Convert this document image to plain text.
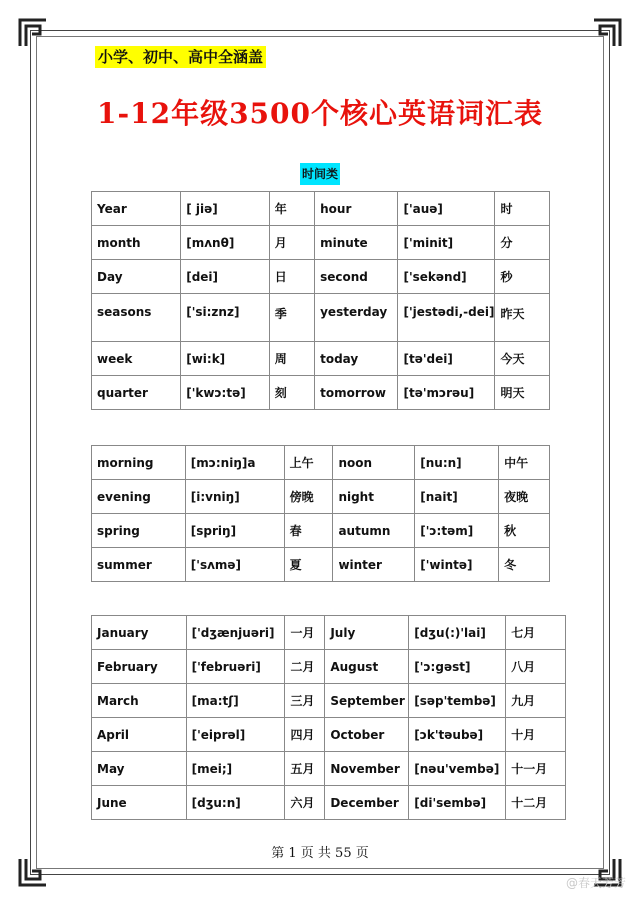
小学、初中、高中全涵盖
1-12年级3500个核心英语词汇表
时间类
Year	[ jiə]	年	hour	['auə]	时
month	[mʌnθ]	月	minute	['minit]	分
Day	[dei]	日	second	['sekənd]	秒
seasons	['si:znz]	季	yesterday	['jestədi,-dei]	昨天
week	[wi:k]	周	today	[tə'dei]	今天
quarter	['kwɔ:tə]	刻	tomorrow	[tə'mɔrəu]	明天
morning	[mɔ:niŋ]a	上午	noon	[nu:n]	中午
evening	[i:vniŋ]	傍晚	night	[nait]	夜晚
spring	[spriŋ]	春	autumn	['ɔ:təm]	秋
summer	['sʌmə]	夏	winter	['wintə]	冬
January	['dʒænjuəri]	一月	July	[dʒu(:)'lai]	七月
February	['februəri]	二月	August	['ɔ:gəst]	八月
March	[ma:tʃ]	三月	September	[səp'tembə]	九月
April	['eiprəl]	四月	October	[ɔk'təubə]	十月
May	[mei;]	五月	November	[nəu'vembə]	十一月
June	[dʒu:n]	六月	December	[di'sembə]	十二月
第 1 页 共 55 页
@春天芳芳
